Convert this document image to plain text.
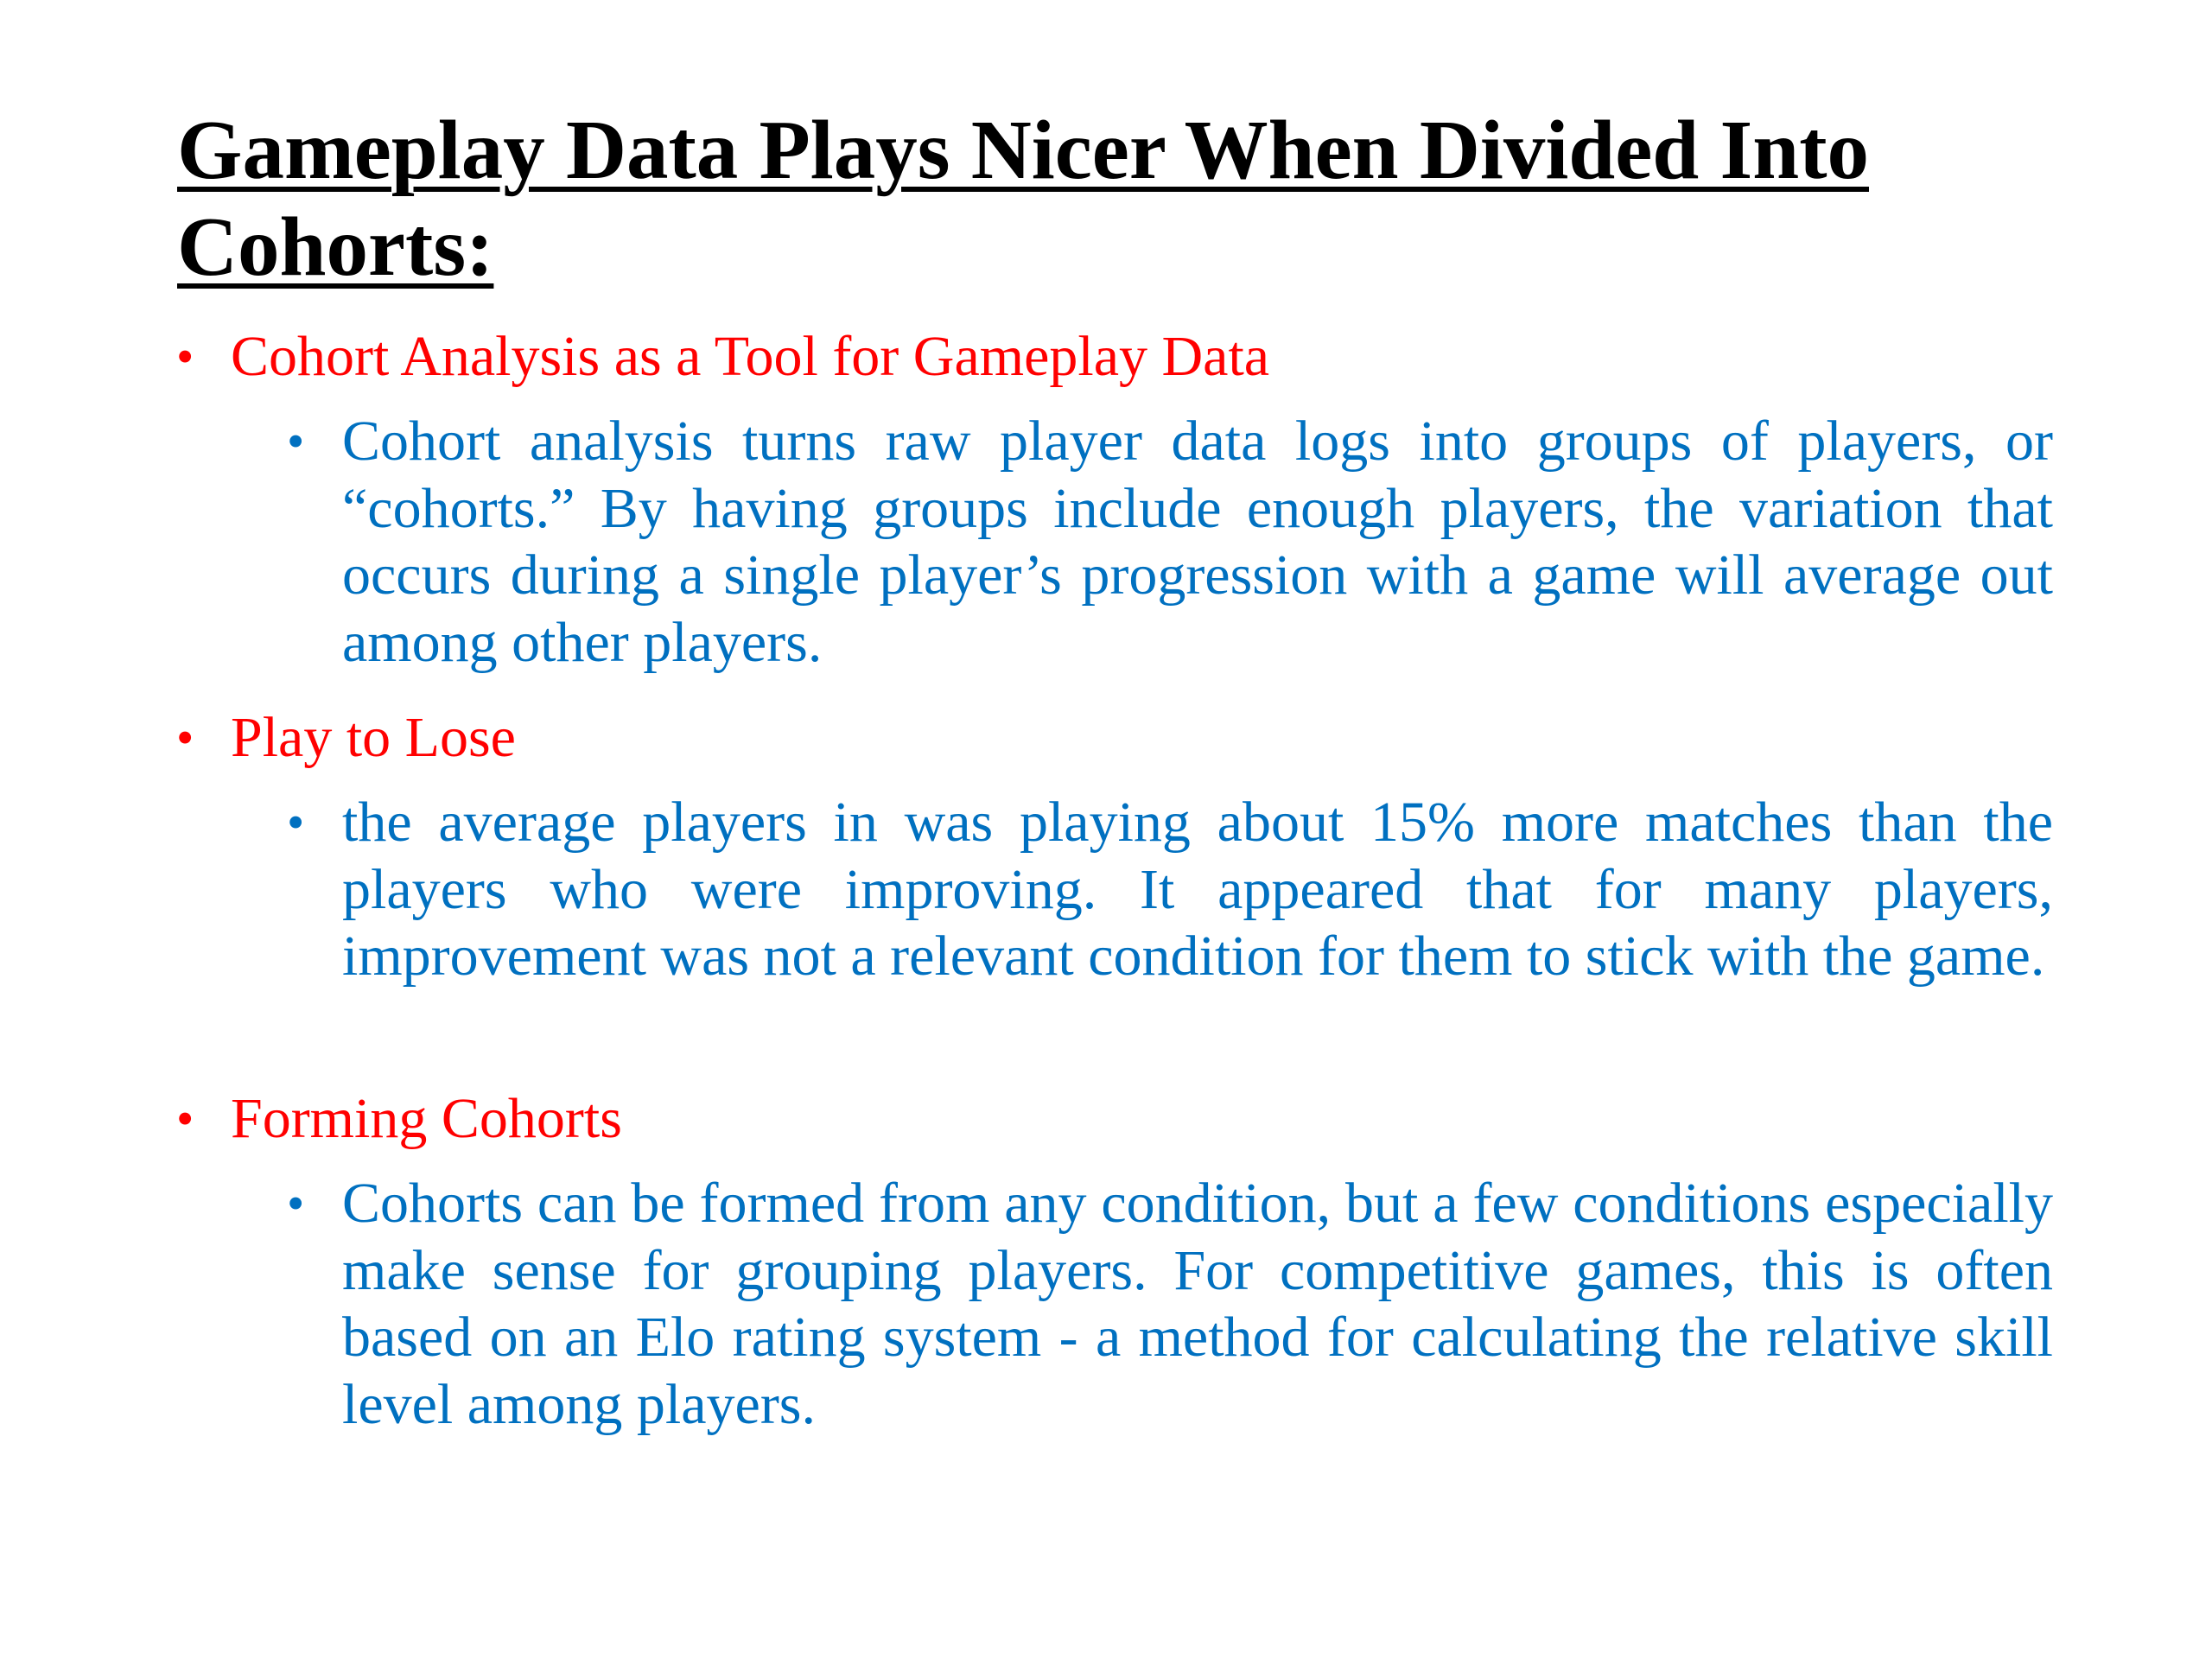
Gameplay Data Plays Nicer When Divided Into Cohorts:
• Cohort Analysis as a Tool for Gameplay Data
• Cohort analysis turns raw player data logs into groups of players, or “cohorts.” By having groups include enough players, the variation that occurs during a single player’s progression with a game will average out among other players.
• Play to Lose
• the average players in was playing about 15% more matches than the players who were improving. It appeared that for many players, improvement was not a relevant condition for them to stick with the game.
• Forming Cohorts
• Cohorts can be formed from any condition, but a few conditions especially make sense for grouping players. For competitive games, this is often based on an Elo rating system - a method for calculating the relative skill level among players.
